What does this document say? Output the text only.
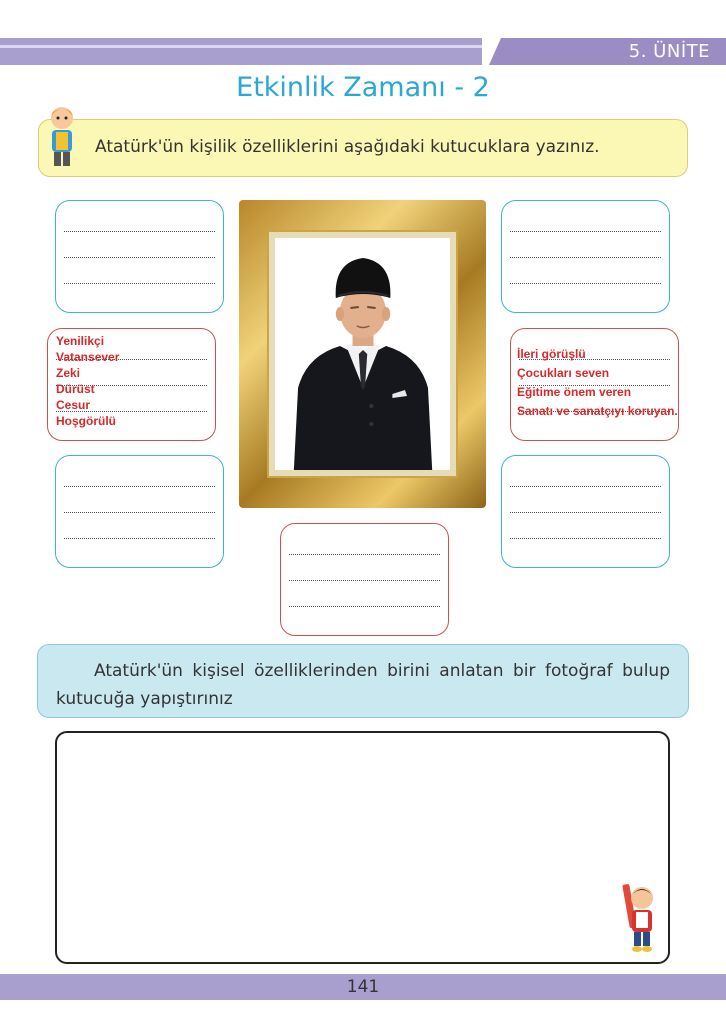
5. ÜNİTE
Etkinlik Zamanı - 2
Atatürk'ün kişilik özelliklerini aşağıdaki kutucuklara yazınız.
Yenilikçi
Vatansever
Zeki
Dürüst
Cesur
Hoşgörülü
İleri görüşlü
Çocukları seven
Eğitime önem veren
Sanatı ve sanatçıyı koruyan.
Atatürk'ün kişisel özelliklerinden birini anlatan bir fotoğraf bulup kutucuğa yapıştırınız
141
